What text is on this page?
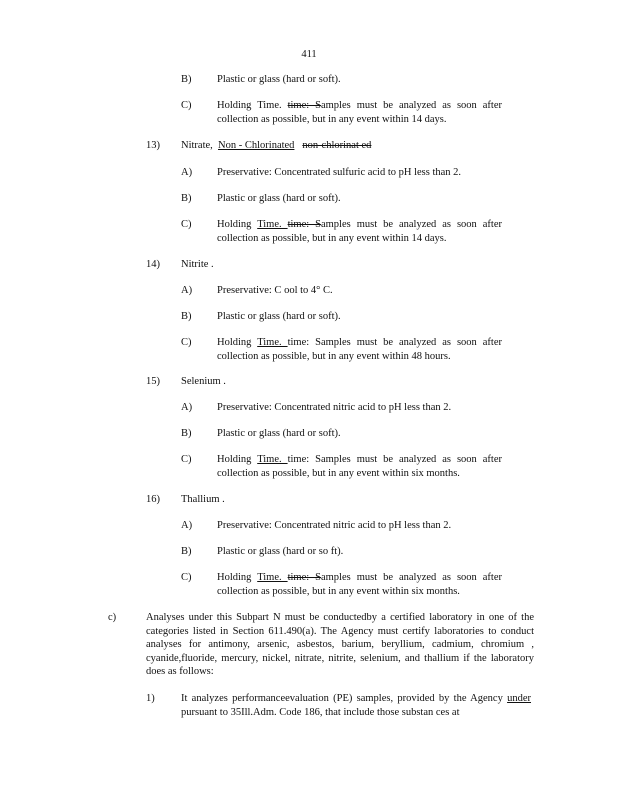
411
B) Plastic or glass (hard or soft).
C) Holding Time. time: Samples must be analyzed as soon after collection as possible, but in any event within 14 days.
13) Nitrate, Non - Chlorinated non-chlorinat ed
A) Preservative: Concentrated sulfuric acid to pH less than 2.
B) Plastic or glass (hard or soft).
C) Holding Time. time: Samples must be analyzed as soon after collection as possible, but in any event within 14 days.
14) Nitrite .
A) Preservative: C ool to 4° C.
B) Plastic or glass (hard or soft).
C) Holding Time. time: Samples must be analyzed as soon after collection as possible, but in any event within 48 hours.
15) Selenium .
A) Preservative: Concentrated nitric acid to pH less than 2.
B) Plastic or glass (hard or soft).
C) Holding Time. time: Samples must be analyzed as soon after collection as possible, but in any event within six months.
16) Thallium .
A) Preservative: Concentrated nitric acid to pH less than 2.
B) Plastic or glass (hard or so ft).
C) Holding Time. time: Samples must be analyzed as soon after collection as possible, but in any event within six months.
c)	Analyses under this Subpart N must be conductedby a certified laboratory in one of the categories listed in Section 611.490(a). The Agency must certify laboratories to conduct analyses for antimony, arsenic, asbestos, barium, beryllium, cadmium, chromium , cyanide,fluoride, mercury, nickel, nitrate, nitrite, selenium, and thallium if the laboratory does as follows:
1)	It analyzes performanceevaluation (PE) samples, provided by the Agency under pursuant to 35Ill.Adm. Code 186, that include those substan ces at
